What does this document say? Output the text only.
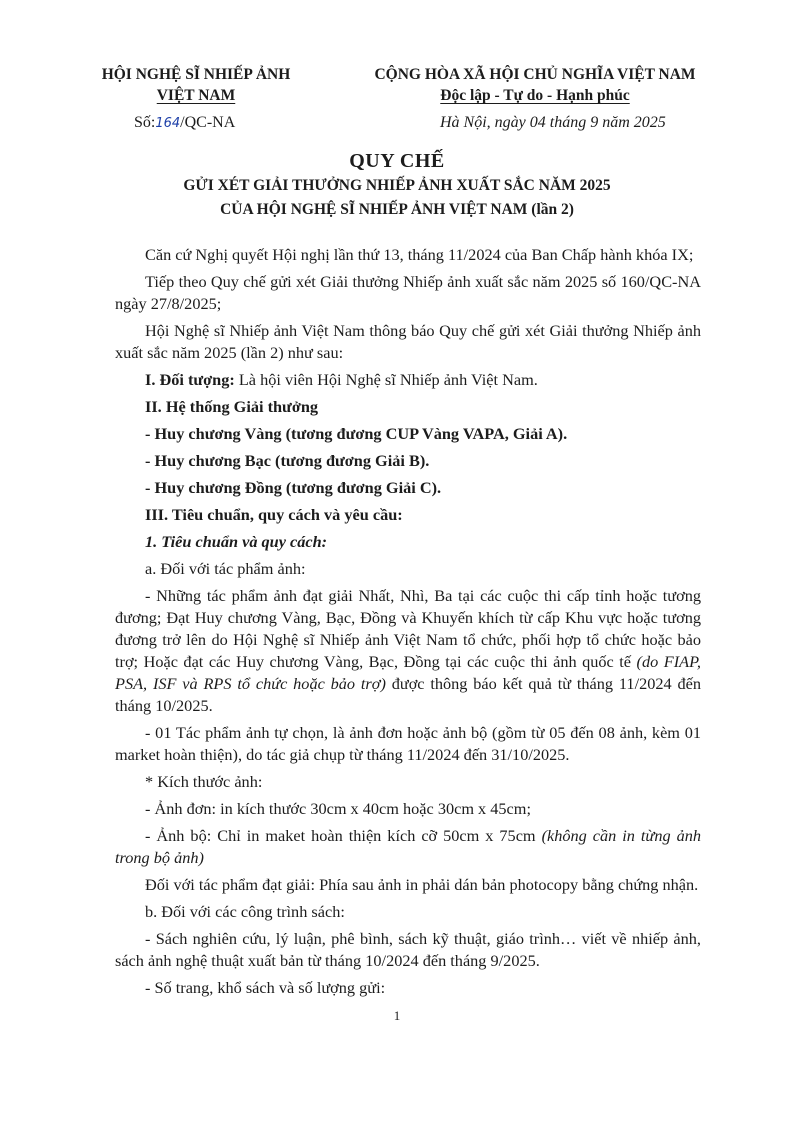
HỘI NGHỆ SĨ NHIẾP ẢNH
VIỆT NAM
Số:164/QC-NA
CỘNG HÒA XÃ HỘI CHỦ NGHĨA VIỆT NAM
Độc lập - Tự do - Hạnh phúc
Hà Nội, ngày 04 tháng 9 năm 2025
QUY CHẾ
GỬI XÉT GIẢI THƯỞNG NHIẾP ẢNH XUẤT SẮC NĂM 2025
CỦA HỘI NGHỆ SĨ NHIẾP ẢNH VIỆT NAM (lần 2)

Căn cứ Nghị quyết Hội nghị lần thứ 13, tháng 11/2024 của Ban Chấp hành khóa IX;

Tiếp theo Quy chế gửi xét Giải thưởng Nhiếp ảnh xuất sắc năm 2025 số 160/QC-NA ngày 27/8/2025;

Hội Nghệ sĩ Nhiếp ảnh Việt Nam thông báo Quy chế gửi xét Giải thưởng Nhiếp ảnh xuất sắc năm 2025 (lần 2) như sau:

I. Đối tượng: Là hội viên Hội Nghệ sĩ Nhiếp ảnh Việt Nam.

II. Hệ thống Giải thưởng

- Huy chương Vàng (tương đương CUP Vàng VAPA, Giải A).

- Huy chương Bạc (tương đương Giải B).

- Huy chương Đồng (tương đương Giải C).

III. Tiêu chuẩn, quy cách và yêu cầu:

1. Tiêu chuẩn và quy cách:

a. Đối với tác phẩm ảnh:

- Những tác phẩm ảnh đạt giải Nhất, Nhì, Ba tại các cuộc thi cấp tỉnh hoặc tương đương; Đạt Huy chương Vàng, Bạc, Đồng và Khuyến khích từ cấp Khu vực hoặc tương đương trở lên do Hội Nghệ sĩ Nhiếp ảnh Việt Nam tổ chức, phối hợp tổ chức hoặc bảo trợ; Hoặc đạt các Huy chương Vàng, Bạc, Đồng tại các cuộc thi ảnh quốc tế (do FIAP, PSA, ISF và RPS tổ chức hoặc bảo trợ) được thông báo kết quả từ tháng 11/2024 đến tháng 10/2025.

- 01 Tác phẩm ảnh tự chọn, là ảnh đơn hoặc ảnh bộ (gồm từ 05 đến 08 ảnh, kèm 01 market hoàn thiện), do tác giả chụp từ tháng 11/2024 đến 31/10/2025.

* Kích thước ảnh:

- Ảnh đơn: in kích thước 30cm x 40cm hoặc 30cm x 45cm;

- Ảnh bộ: Chỉ in maket hoàn thiện kích cỡ 50cm x 75cm (không cần in từng ảnh trong bộ ảnh)

Đối với tác phẩm đạt giải: Phía sau ảnh in phải dán bản photocopy bằng chứng nhận.

b. Đối với các công trình sách:

- Sách nghiên cứu, lý luận, phê bình, sách kỹ thuật, giáo trình… viết về nhiếp ảnh, sách ảnh nghệ thuật xuất bản từ tháng 10/2024 đến tháng 9/2025.

- Số trang, khổ sách và số lượng gửi:

1
